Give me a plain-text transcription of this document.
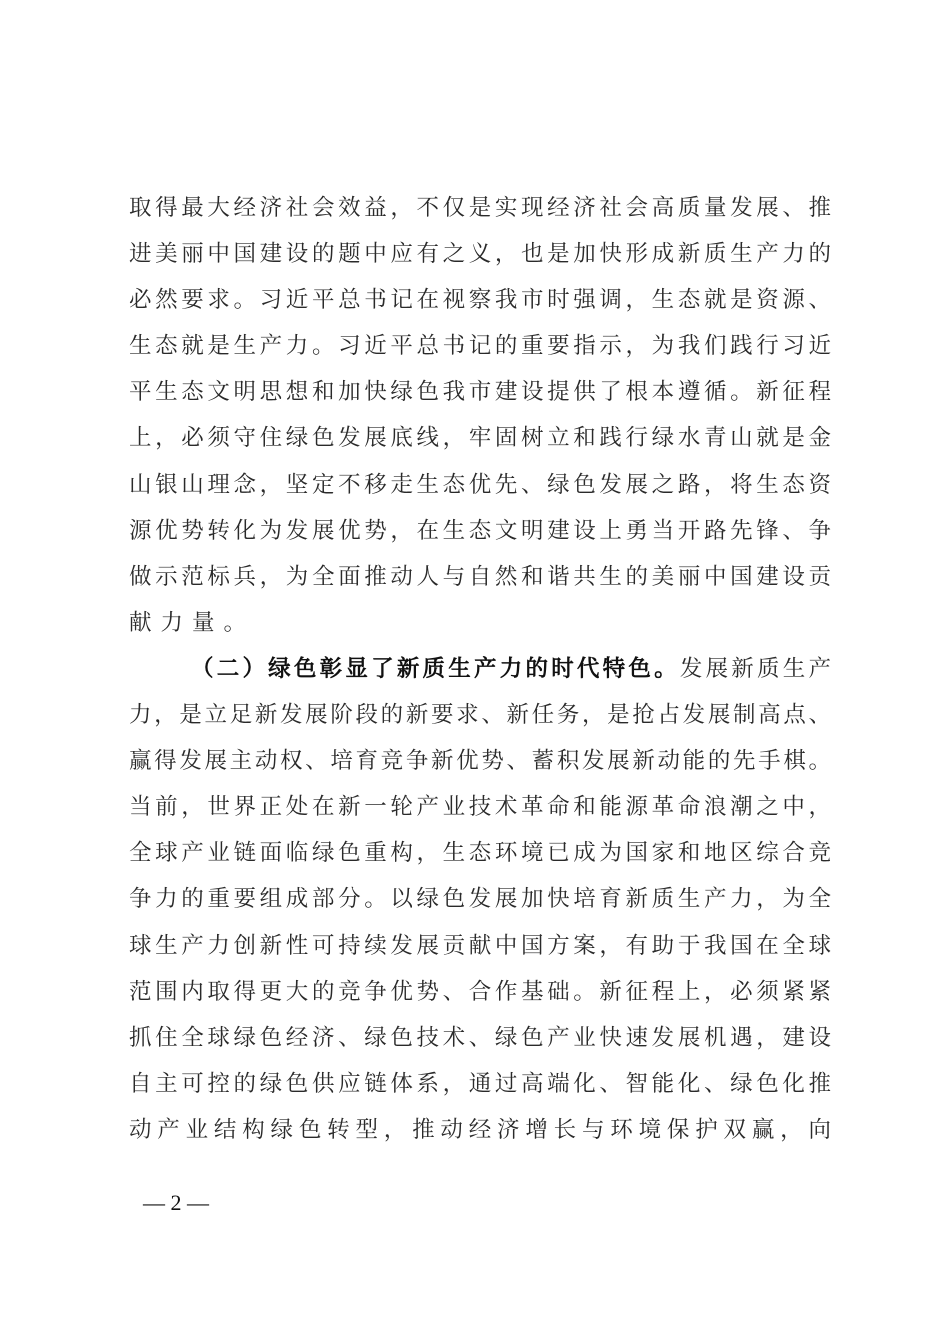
取得最大经济社会效益，不仅是实现经济社会高质量发展、推
进美丽中国建设的题中应有之义，也是加快形成新质生产力的
必然要求。习近平总书记在视察我市时强调，生态就是资源、
生态就是生产力。习近平总书记的重要指示，为我们践行习近
平生态文明思想和加快绿色我市建设提供了根本遵循。新征程
上，必须守住绿色发展底线，牢固树立和践行绿水青山就是金
山银山理念，坚定不移走生态优先、绿色发展之路，将生态资
源优势转化为发展优势，在生态文明建设上勇当开路先锋、争
做示范标兵，为全面推动人与自然和谐共生的美丽中国建设贡
献力量。
（二）绿色彰显了新质生产力的时代特色。发展新质生产
力，是立足新发展阶段的新要求、新任务，是抢占发展制高点、
赢得发展主动权、培育竞争新优势、蓄积发展新动能的先手棋。
当前，世界正处在新一轮产业技术革命和能源革命浪潮之中，
全球产业链面临绿色重构，生态环境已成为国家和地区综合竞
争力的重要组成部分。以绿色发展加快培育新质生产力，为全
球生产力创新性可持续发展贡献中国方案，有助于我国在全球
范围内取得更大的竞争优势、合作基础。新征程上，必须紧紧
抓住全球绿色经济、绿色技术、绿色产业快速发展机遇，建设
自主可控的绿色供应链体系，通过高端化、智能化、绿色化推
动产业结构绿色转型，推动经济增长与环境保护双赢，向
— 2 —
